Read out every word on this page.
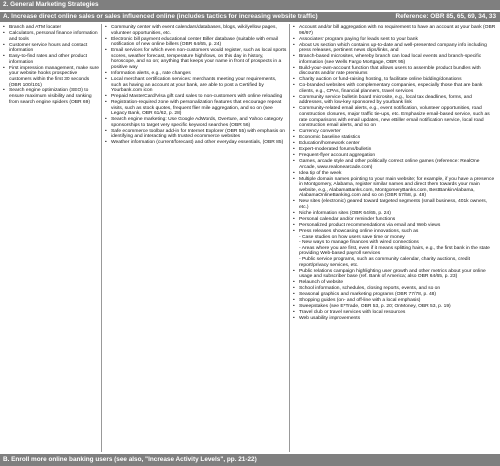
2. General Marketing Strategies
A. Increase direct online sales or sales influenced online (includes tactics for increasing website traffic)	Reference: OBR 85, 65, 69, 34, 33
• Branch and ATM locater
• Calculators, personal finance information and tools
• Customer service hours and contact information
• Easy-to-find rates and other product information
• First impression management, make sure your website hooks prospective customers within the first 30 seconds (OBR 100/101)
• Search engine optimization (SEO) to ensure maximum visibility and ranking from search engine spiders (OBR 69)
• Community center with event calendars/databases, blogs, wiki/yellow pages, volunteer opportunities, etc.
• Electronic bill payment educational center Biller database (suitable with email notification of new online billers (OBR 64/65, p. 24)
• Email services for which even non-customers would register, such as local sports scores, weather forecast, temperature high/lows, on this day in history, horoscope, and so on; anything that keeps your name in front of prospects in a positive way
• Information alerts, e.g., rate changes
• Local merchant certification services: merchants meeting your requirements, such as having an account at your bank, are able to post a Certified by Yourbank.com icon
• Prepaid MasterCard/Visa gift card sales to non-customers with online reloading
• Registration-required zone with personalization features that encourage repeat visits, such as stock quotes, frequent flier mile aggregation, and so on (see Legacy Bank, OBR 61/62, p. 28)
• Search engine marketing: Use Google AdWords, Overture, and Yahoo category sponsorships to target very specific keyword searches (OBR 56)
• Safe ecommerce toolbar add-in for Internet Explorer (OBR 55) with emphasis on identifying and interacting with trusted ecommerce websites
• Weather information (current/forecast) and other everyday essentials, (OBR 85)
• Account and/or bill aggregation with no requirement to have an account at your bank (OBR 96/97)
• Associates' program paying for leads sent to your bank
• About Us section which contains up-to-date and well-presented company info including press releases, pertinent news clips/links, and
• Branch-based microsites, whereby branch can load local events and branch-specific information (see Wells Fargo Mortgage, OBR 95)
• Build-your-own-account function that allows users to assemble product bundles with discounts and/or rate premiums
• Charity auction or fund-raising hosting, to facilitate online bidding/donations
• Co-branded websites with complementary companies, especially those that are bank clients, e.g., CPAs, financial planners, travel services
• Community service bulletin board microsite, e.g., local tax deadlines, forms, and addresses, with low-key sponsored by yourbank link
• Community-related email alerts, e.g., event notification, volunteer opportunities, road construction closures, major traffic tie-ups, etc. Emphasize email-based service, such as rate comparisons with email updates, new eBiller email notification service, local road construction email alerts, and so on
• Currency converter
• Economic baseline statistics
• Education/homework center
• Expert-moderated forums/bulletin
• Frequent-flyer account aggregation
• Games, arcade style and other politically correct online games (reference: RealOne Arcade, www.realonearcade.com)
• Idea tip of the week
• Multiple domain names pointing to your main website; for example, if you have a presence in Montgomery, Alabama, register similar names and direct them towards your main website, e.g., AlabamaBanks.com, MontgomeryBanks.com, BestBankinAlabama, AlabamaOnlineBanking.com and so on (OBR 57/58, p. 48)
• New sites (electronic) geared toward targeted segments (small business, 401k owners, etc.)
• Niche information sites (OBR 64/65, p. 24)
• Personal calendar and/or reminder functions
• Personalized product recommendations via email and Web views
• Press releases showcasing online innovations, such as
- Case studies on how users save time or money
- New ways to manage finances with wired connections
- Areas where you are first, even if it means splitting hairs, e.g., the first bank in the state providing Web-based payroll services
- Public service programs, such as community calendar, charity auctions, credit report/privacy services, etc.
• Public relations campaign highlighting user growth and other metrics about your online usage and subscriber base (ref. Bank of America; also OBR 64/65, p. 23)
• Relaunch of website
• School information, schedules, closing reports, events, and so on
• Seasonal graphics and marketing programs (OBR 77/78, p. 48)
• Shopping guides (on- and off-line with a local emphasis)
• Sweepstakes (see E*Trade, OBR 53, p. 20; OnMoney, OBR 53, p. 19)
• Travel club or travel services with local resources
• Web usability improvements
B. Enroll more online banking users (see also, "Increase Activity Levels", pp. 21-22)
